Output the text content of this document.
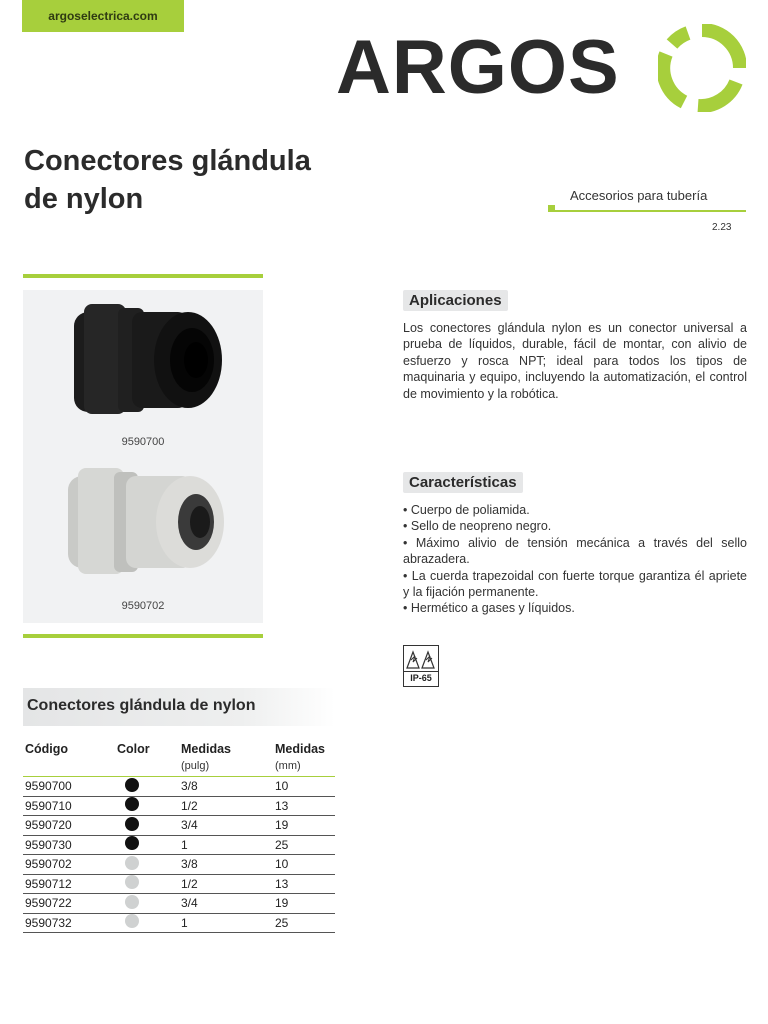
argoselectrica.com
ARGOS
Conectores glándula
de nylon	Accesorios para tubería
2.23
9590700
9590702
Aplicaciones
Los conectores glándula nylon es un conector universal a prueba de líquidos, durable, fácil de montar, con alivio de esfuerzo y rosca NPT; ideal para todos los tipos de maquinaria y equipo, incluyendo la automatización, el control de movimiento y la robótica.
Características
• Cuerpo de poliamida.
• Sello de neopreno negro.
• Máximo alivio de tensión mecánica a través del sello abrazadera.
• La cuerda trapezoidal con fuerte torque garantiza él apriete y la fijación permanente.
• Hermético a gases y líquidos.
IP-65
Conectores glándula de nylon
Código	Color	Medidas	Medidas
		(pulg)	(mm)
9590700		3/8	10
9590710		1/2	13
9590720		3/4	19
9590730		1	25
9590702		3/8	10
9590712		1/2	13
9590722		3/4	19
9590732		1	25
